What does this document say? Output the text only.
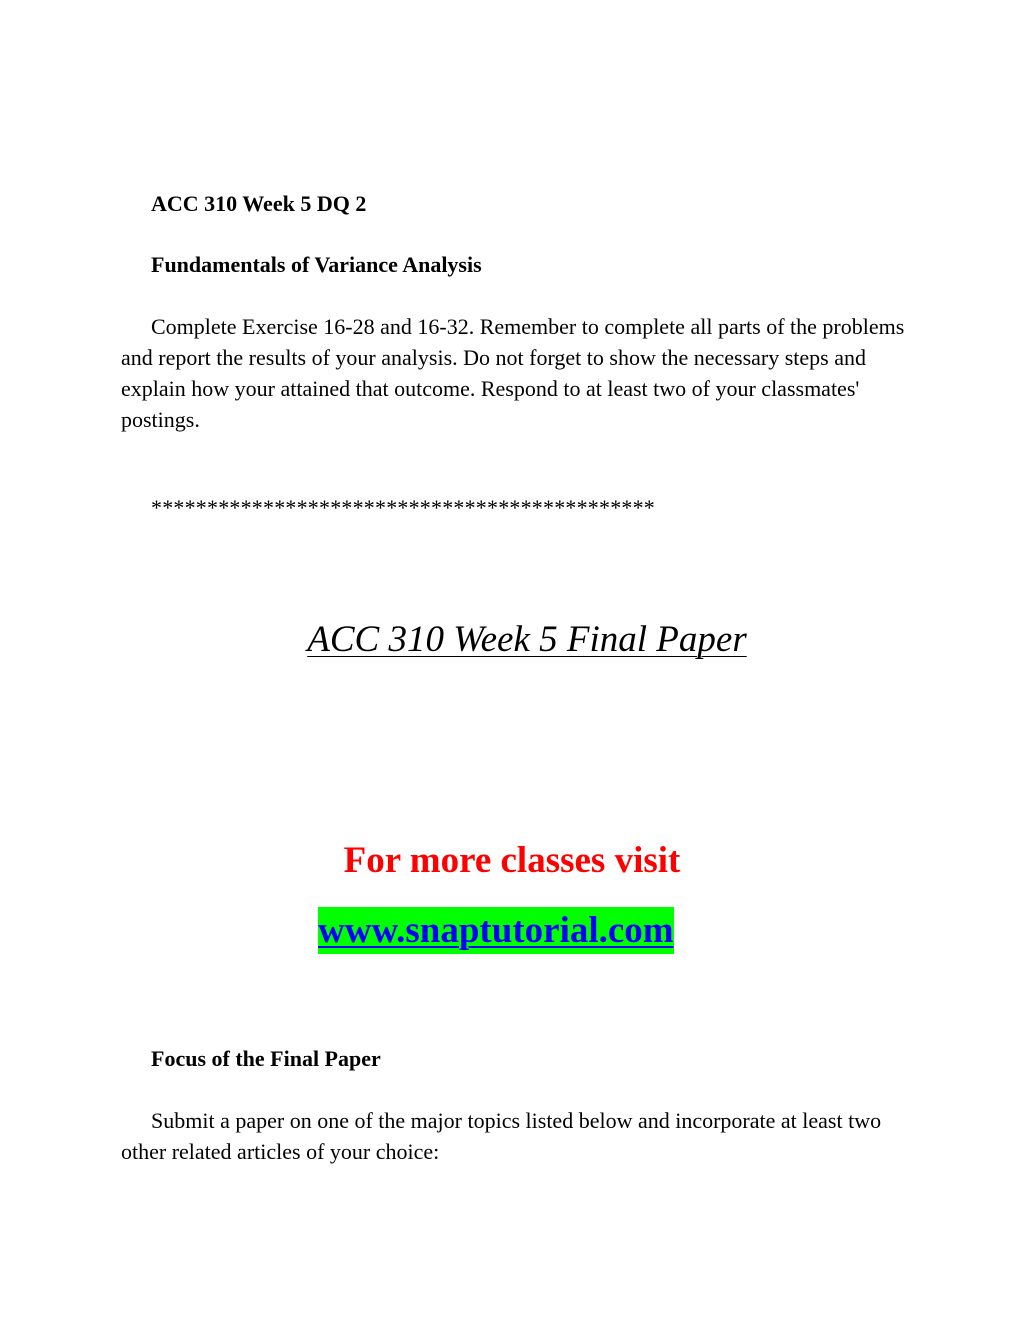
ACC 310 Week 5 DQ 2
Fundamentals of Variance Analysis

Complete Exercise 16-28 and 16-32. Remember to complete all parts of the problems and report the results of your analysis. Do not forget to show the necessary steps and explain how your attained that outcome. Respond to at least two of your classmates' postings.

*********************************************
ACC 310 Week 5 Final Paper
For more classes visit
www.snaptutorial.com
Focus of the Final Paper

Submit a paper on one of the major topics listed below and incorporate at least two other related articles of your choice:
